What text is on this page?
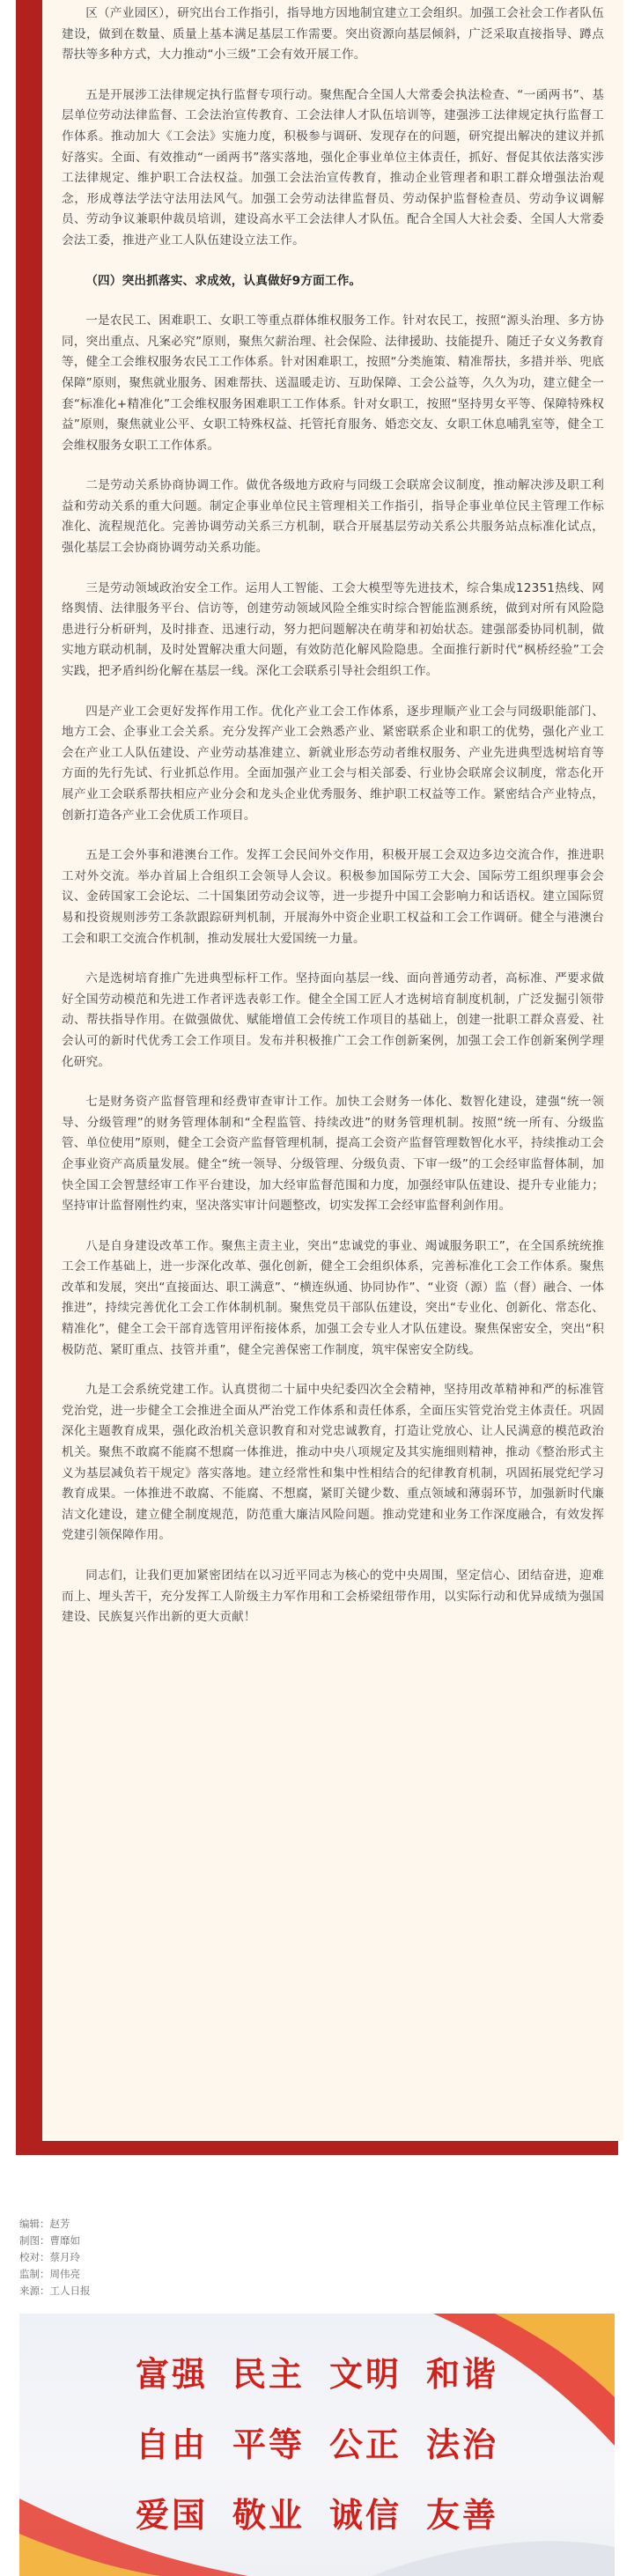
区（产业园区），研究出台工作指引，指导地方因地制宜建立工会组织。加强工会社会工作者队伍建设，做到在数量、质量上基本满足基层工作需要。突出资源向基层倾斜，广泛采取直接指导、蹲点帮扶等多种方式，大力推动“小三级”工会有效开展工作。

五是开展涉工法律规定执行监督专项行动。聚焦配合全国人大常委会执法检查、“一函两书”、基层单位劳动法律监督、工会法治宣传教育、工会法律人才队伍培训等，建强涉工法律规定执行监督工作体系。推动加大《工会法》实施力度，积极参与调研、发现存在的问题，研究提出解决的建议并抓好落实。全面、有效推动“一函两书”落实落地，强化企事业单位主体责任，抓好、督促其依法落实涉工法律规定、维护职工合法权益。加强工会法治宣传教育，推动企业管理者和职工群众增强法治观念，形成尊法学法守法用法风气。加强工会劳动法律监督员、劳动保护监督检查员、劳动争议调解员、劳动争议兼职仲裁员培训，建设高水平工会法律人才队伍。配合全国人大社会委、全国人大常委会法工委，推进产业工人队伍建设立法工作。

（四）突出抓落实、求成效，认真做好9方面工作。

一是农民工、困难职工、女职工等重点群体维权服务工作。针对农民工，按照“源头治理、多方协同，突出重点、凡案必究”原则，聚焦欠薪治理、社会保险、法律援助、技能提升、随迁子女义务教育等，健全工会维权服务农民工工作体系。针对困难职工，按照“分类施策、精准帮扶，多措并举、兜底保障”原则，聚焦就业服务、困难帮扶、送温暖走访、互助保障、工会公益等，久久为功，建立健全一套“标准化+精准化”工会维权服务困难职工工作体系。针对女职工，按照“坚持男女平等、保障特殊权益”原则，聚焦就业公平、女职工特殊权益、托管托育服务、婚恋交友、女职工休息哺乳室等，健全工会维权服务女职工工作体系。

二是劳动关系协商协调工作。做优各级地方政府与同级工会联席会议制度，推动解决涉及职工利益和劳动关系的重大问题。制定企事业单位民主管理相关工作指引，指导企事业单位民主管理工作标准化、流程规范化。完善协调劳动关系三方机制，联合开展基层劳动关系公共服务站点标准化试点，强化基层工会协商协调劳动关系功能。

三是劳动领域政治安全工作。运用人工智能、工会大模型等先进技术，综合集成12351热线、网络舆情、法律服务平台、信访等，创建劳动领域风险全维实时综合智能监测系统，做到对所有风险隐患进行分析研判，及时排查、迅速行动，努力把问题解决在萌芽和初始状态。建强部委协同机制，做实地方联动机制，及时处置解决重大问题，有效防范化解风险隐患。全面推行新时代“枫桥经验”工会实践，把矛盾纠纷化解在基层一线。深化工会联系引导社会组织工作。

四是产业工会更好发挥作用工作。优化产业工会工作体系，逐步理顺产业工会与同级职能部门、地方工会、企事业工会关系。充分发挥产业工会熟悉产业、紧密联系企业和职工的优势，强化产业工会在产业工人队伍建设、产业劳动基准建立、新就业形态劳动者维权服务、产业先进典型选树培育等方面的先行先试、行业抓总作用。全面加强产业工会与相关部委、行业协会联席会议制度，常态化开展产业工会联系帮扶相应产业分会和龙头企业优秀服务、维护职工权益等工作。紧密结合产业特点，创新打造各产业工会优质工作项目。

五是工会外事和港澳台工作。发挥工会民间外交作用，积极开展工会双边多边交流合作，推进职工对外交流。举办首届上合组织工会领导人会议。积极参加国际劳工大会、国际劳工组织理事会会议、金砖国家工会论坛、二十国集团劳动会议等，进一步提升中国工会影响力和话语权。建立国际贸易和投资规则涉劳工条款跟踪研判机制，开展海外中资企业职工权益和工会工作调研。健全与港澳台工会和职工交流合作机制，推动发展壮大爱国统一力量。

六是选树培育推广先进典型标杆工作。坚持面向基层一线、面向普通劳动者，高标准、严要求做好全国劳动模范和先进工作者评选表彰工作。健全全国工匠人才选树培育制度机制，广泛发掘引领带动、帮扶指导作用。在做强做优、赋能增值工会传统工作项目的基础上，创建一批职工群众喜爱、社会认可的新时代优秀工会工作项目。发布并积极推广工会工作创新案例，加强工会工作创新案例学理化研究。

七是财务资产监督管理和经费审查审计工作。加快工会财务一体化、数智化建设，建强“统一领导、分级管理”的财务管理体制和“全程监管、持续改进”的财务管理机制。按照“统一所有、分级监管、单位使用”原则，健全工会资产监督管理机制，提高工会资产监督管理数智化水平，持续推动工会企事业资产高质量发展。健全“统一领导、分级管理、分级负责、下审一级”的工会经审监督体制，加快全国工会智慧经审工作平台建设，加大经审监督范围和力度，加强经审队伍建设、提升专业能力；坚持审计监督刚性约束，坚决落实审计问题整改，切实发挥工会经审监督利剑作用。

八是自身建设改革工作。聚焦主责主业，突出“忠诚党的事业、竭诚服务职工”，在全国系统统推工会工作基础上，进一步深化改革、强化创新，健全工会组织体系，完善标准化工会工作体系。聚焦改革和发展，突出“直接面达、职工满意”、“横连纵通、协同协作”、“业资（源）监（督）融合、一体推进”，持续完善优化工会工作体制机制。聚焦党员干部队伍建设，突出“专业化、创新化、常态化、精准化”，健全工会干部育选管用评衔接体系，加强工会专业人才队伍建设。聚焦保密安全，突出“积极防范、紧盯重点、技管并重”，健全完善保密工作制度，筑牢保密安全防线。

九是工会系统党建工作。认真贯彻二十届中央纪委四次全会精神，坚持用改革精神和严的标准管党治党，进一步健全工会推进全面从严治党工作体系和责任体系，全面压实管党治党主体责任。巩固深化主题教育成果，强化政治机关意识教育和对党忠诚教育，打造让党放心、让人民满意的模范政治机关。聚焦不敢腐不能腐不想腐一体推进，推动中央八项规定及其实施细则精神，推动《整治形式主义为基层减负若干规定》落实落地。建立经常性和集中性相结合的纪律教育机制，巩固拓展党纪学习教育成果。一体推进不敢腐、不能腐、不想腐，紧盯关键少数、重点领域和薄弱环节，加强新时代廉洁文化建设，建立健全制度规范，防范重大廉洁风险问题。推动党建和业务工作深度融合，有效发挥党建引领保障作用。

同志们，让我们更加紧密团结在以习近平同志为核心的党中央周围，坚定信心、团结奋进，迎难而上、埋头苦干，充分发挥工人阶级主力军作用和工会桥梁纽带作用，以实际行动和优异成绩为强国建设、民族复兴作出新的更大贡献！

编辑：赵芳
制图：曹靡如
校对：蔡月玲
监制：周伟亮
来源：工人日报
富强 民主 文明 和谐
自由 平等 公正 法治
爱国 敬业 诚信 友善
